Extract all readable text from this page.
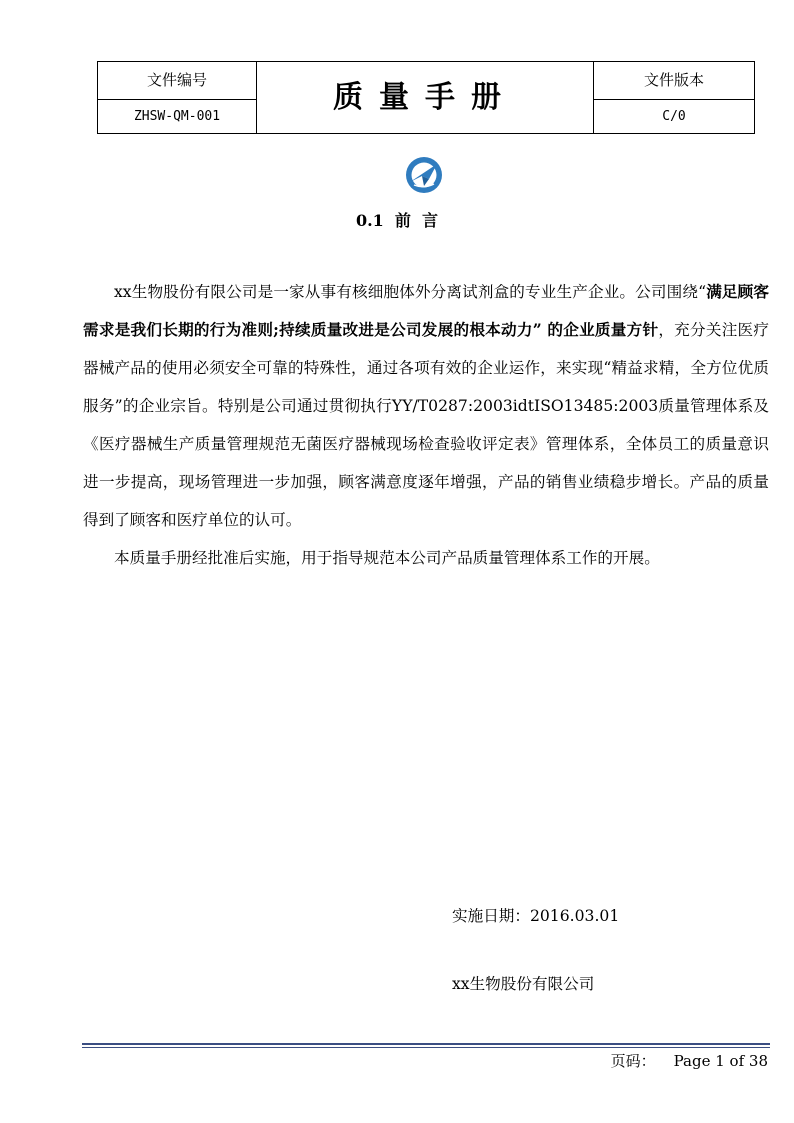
文件编号	质量手册	文件版本
ZHSW-QM-001		C/0
0.1  前  言

xx生物股份有限公司是一家从事有核细胞体外分离试剂盒的专业生产企业。公司围绕“满足顾客需求是我们长期的行为准则;持续质量改进是公司发展的根本动力” 的企业质量方针，充分关注医疗器械产品的使用必须安全可靠的特殊性，通过各项有效的企业运作，来实现“精益求精，全方位优质服务”的企业宗旨。特别是公司通过贯彻执行YY/T0287:2003idtISO13485:2003质量管理体系及《医疗器械生产质量管理规范无菌医疗器械现场检查验收评定表》管理体系，全体员工的质量意识进一步提高，现场管理进一步加强，顾客满意度逐年增强，产品的销售业绩稳步增长。产品的质量得到了顾客和医疗单位的认可。

本质量手册经批准后实施，用于指导规范本公司产品质量管理体系工作的开展。

实施日期：2016.03.01
xx生物股份有限公司
页码： Page 1 of 38
